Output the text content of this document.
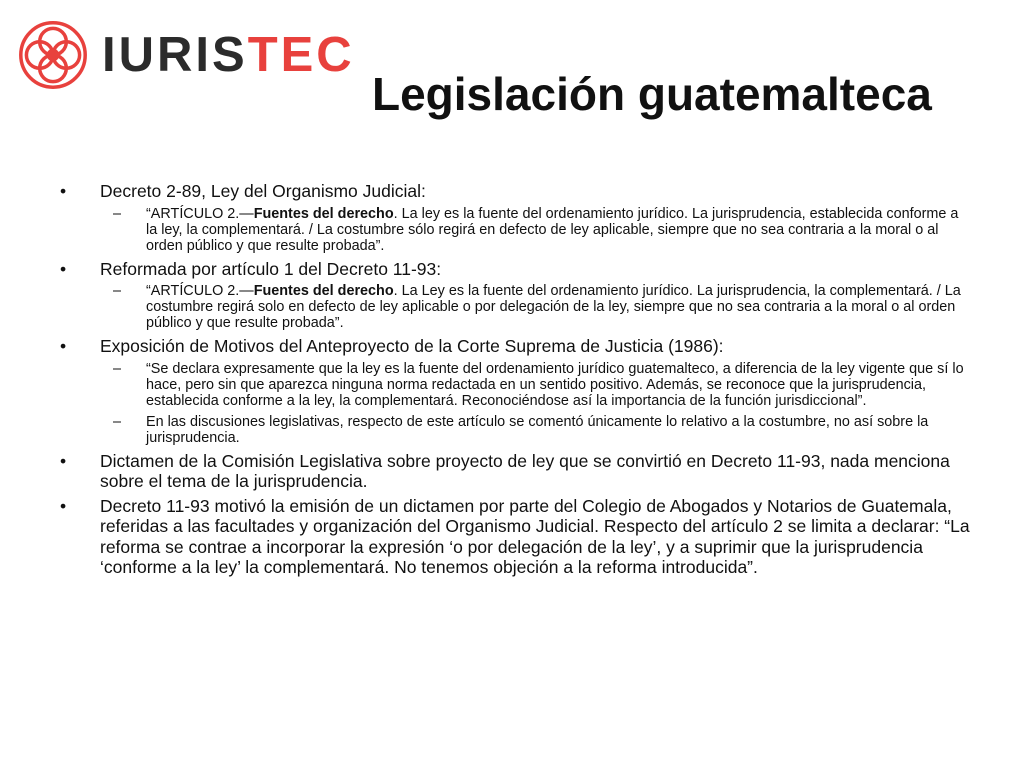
IURISTEC
Legislación guatemalteca
• Decreto 2-89, Ley del Organismo Judicial:
– “ARTÍCULO 2.—Fuentes del derecho. La ley es la fuente del ordenamiento jurídico. La jurisprudencia, establecida conforme a la ley, la complementará. / La costumbre sólo regirá en defecto de ley aplicable, siempre que no sea contraria a la moral o al orden público y que resulte probada”.
• Reformada por artículo 1 del Decreto 11-93:
– “ARTÍCULO 2.—Fuentes del derecho. La Ley es la fuente del ordenamiento jurídico. La jurisprudencia, la complementará. / La costumbre regirá solo en defecto de ley aplicable o por delegación de la ley, siempre que no sea contraria a la moral o al orden público y que resulte probada”.
• Exposición de Motivos del Anteproyecto de la Corte Suprema de Justicia (1986):
– “Se declara expresamente que la ley es la fuente del ordenamiento jurídico guatemalteco, a diferencia de la ley vigente que sí lo hace, pero sin que aparezca ninguna norma redactada en un sentido positivo. Además, se reconoce que la jurisprudencia, establecida conforme a la ley, la complementará. Reconociéndose así la importancia de la función jurisdiccional”.
– En las discusiones legislativas, respecto de este artículo se comentó únicamente lo relativo a la costumbre, no así sobre la jurisprudencia.
• Dictamen de la Comisión Legislativa sobre proyecto de ley que se convirtió en Decreto 11-93, nada menciona sobre el tema de la jurisprudencia.
• Decreto 11-93 motivó la emisión de un dictamen por parte del Colegio de Abogados y Notarios de Guatemala, referidas a las facultades y organización del Organismo Judicial. Respecto del artículo 2 se limita a declarar: “La reforma se contrae a incorporar la expresión ‘o por delegación de la ley’, y a suprimir que la jurisprudencia ‘conforme a la ley’ la complementará. No tenemos objeción a la reforma introducida”.
